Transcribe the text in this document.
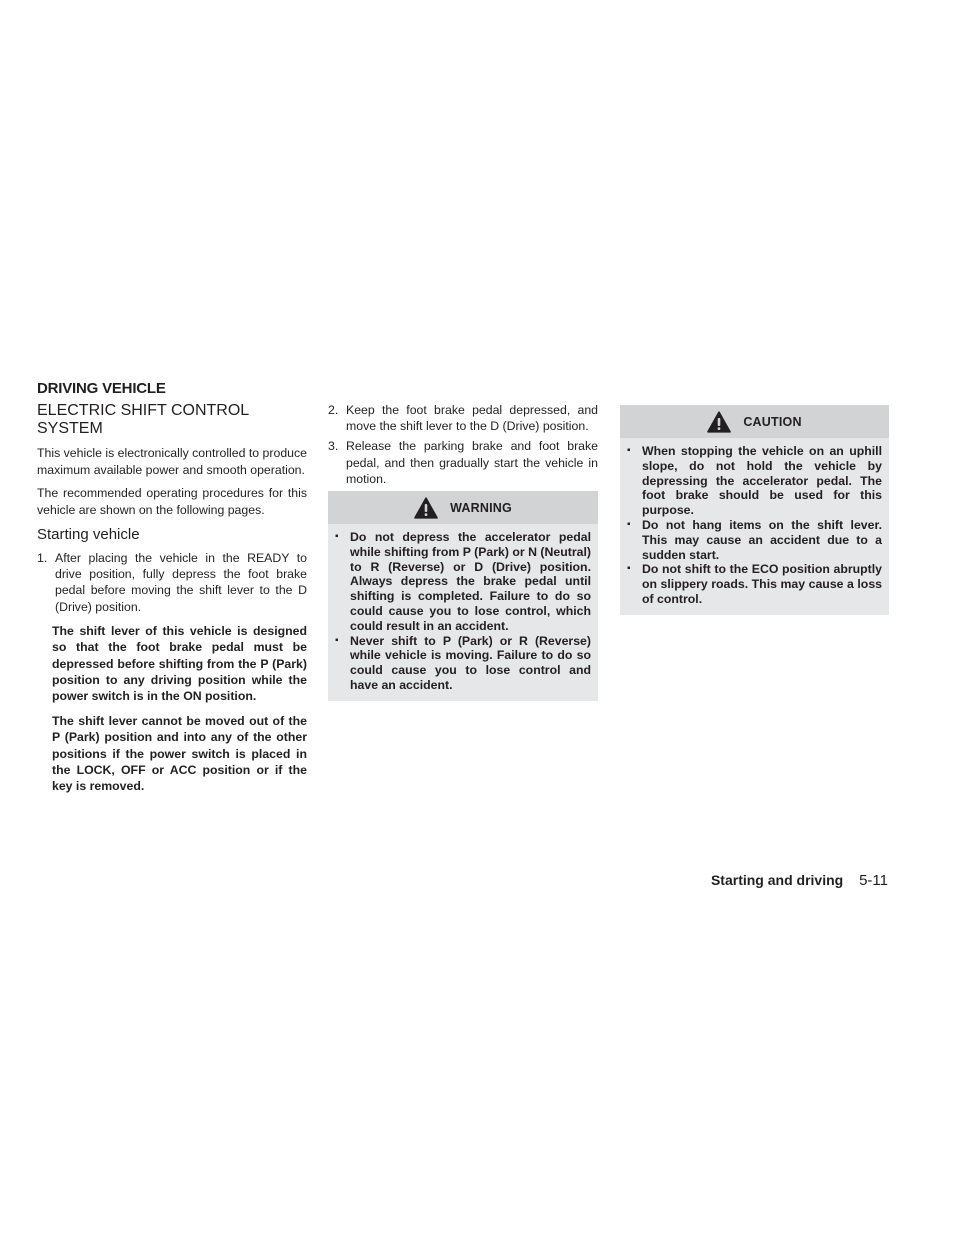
DRIVING VEHICLE
ELECTRIC SHIFT CONTROL SYSTEM

This vehicle is electronically controlled to produce maximum available power and smooth operation.

The recommended operating procedures for this vehicle are shown on the following pages.

Starting vehicle
1. After placing the vehicle in the READY to drive position, fully depress the foot brake pedal before moving the shift lever to the D (Drive) position.

The shift lever of this vehicle is designed so that the foot brake pedal must be depressed before shifting from the P (Park) position to any driving position while the power switch is in the ON position.

The shift lever cannot be moved out of the P (Park) position and into any of the other positions if the power switch is placed in the LOCK, OFF or ACC position or if the key is removed.

2. Keep the foot brake pedal depressed, and move the shift lever to the D (Drive) position.
3. Release the parking brake and foot brake pedal, and then gradually start the vehicle in motion.
WARNING
▪ Do not depress the accelerator pedal while shifting from P (Park) or N (Neutral) to R (Reverse) or D (Drive) position. Always depress the brake pedal until shifting is completed. Failure to do so could cause you to lose control, which could result in an accident.
▪ Never shift to P (Park) or R (Reverse) while vehicle is moving. Failure to do so could cause you to lose control and have an accident.
CAUTION
▪ When stopping the vehicle on an uphill slope, do not hold the vehicle by depressing the accelerator pedal. The foot brake should be used for this purpose.
▪ Do not hang items on the shift lever. This may cause an accident due to a sudden start.
▪ Do not shift to the ECO position abruptly on slippery roads. This may cause a loss of control.
Starting and driving 5-11
